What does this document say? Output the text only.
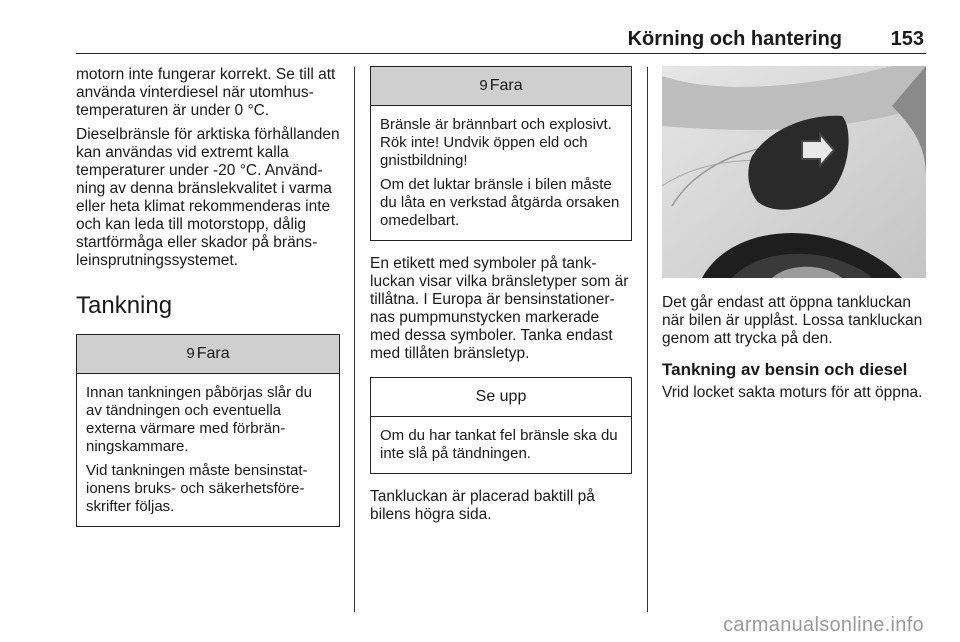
Körning och hantering 153

motorn inte fungerar korrekt. Se till att använda vinterdiesel när utomhustemperaturen är under 0 °C.

Dieselbränsle för arktiska förhållanden kan användas vid extremt kalla temperaturer under -20 °C. Användning av denna bränslekvalitet i varma eller heta klimat rekommenderas inte och kan leda till motorstopp, dålig startförmåga eller skador på bränsleinsprutningssystemet.

Tankning
9 Fara

Innan tankningen påbörjas slår du av tändningen och eventuella externa värmare med förbränningskammare.

Vid tankningen måste bensinstationens bruks- och säkerhetsföreskrifter följas.

9 Fara

Bränsle är brännbart och explosivt. Rök inte! Undvik öppen eld och gnistbildning!

Om det luktar bränsle i bilen måste du låta en verkstad åtgärda orsaken omedelbart.

En etikett med symboler på tankluckan visar vilka bränsletyper som är tillåtna. I Europa är bensinstationernas pumpmunstycken markerade med dessa symboler. Tanka endast med tillåten bränsletyp.

Se upp

Om du har tankat fel bränsle ska du inte slå på tändningen.

Tankluckan är placerad baktill på bilens högra sida.

Det går endast att öppna tankluckan när bilen är upplåst. Lossa tankluckan genom att trycka på den.

Tankning av bensin och diesel

Vrid locket sakta moturs för att öppna.

carmanualsonline.info
